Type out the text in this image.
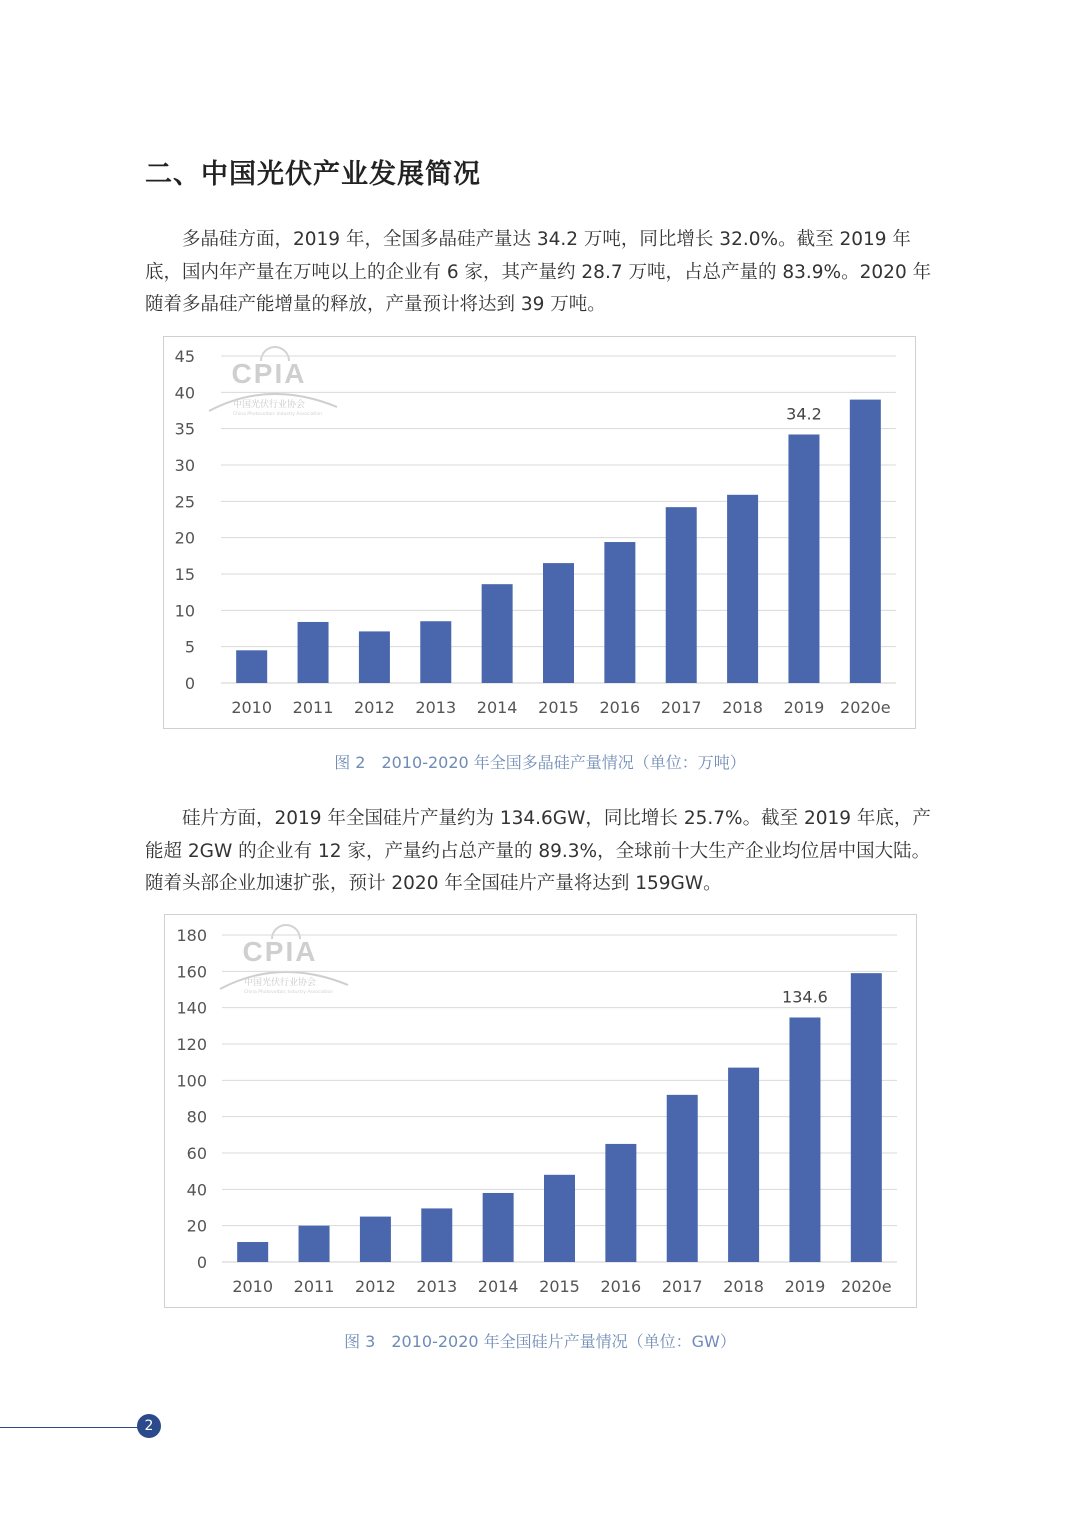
二、中国光伏产业发展简况

多晶硅方面，2019 年，全国多晶硅产量达 34.2 万吨，同比增长 32.0%。截至 2019 年底，国内年产量在万吨以上的企业有 6 家，其产量约 28.7 万吨，占总产量的 83.9%。2020 年随着多晶硅产能增量的释放，产量预计将达到 39 万吨。

CPIA
中国光伏行业协会
China Photovoltaic Industry Association
0
5
10
15
20
25
30
35
40
45
2010 2011 2012 2013 2014 2015 2016 2017 2018 2019
34.2
2020e
图 2　2010-2020 年全国多晶硅产量情况（单位：万吨）

硅片方面，2019 年全国硅片产量约为 134.6GW，同比增长 25.7%。截至 2019 年底，产能超 2GW 的企业有 12 家，产量约占总产量的 89.3%，全球前十大生产企业均位居中国大陆。随着头部企业加速扩张，预计 2020 年全国硅片产量将达到 159GW。

CPIA
中国光伏行业协会
China Photovoltaic Industry Association
0
20
40
60
80
100
120
140
160
180
2010 2011 2012 2013 2014 2015 2016 2017 2018 2019
134.6
2020e
图 3　2010-2020 年全国硅片产量情况（单位：GW）
2
